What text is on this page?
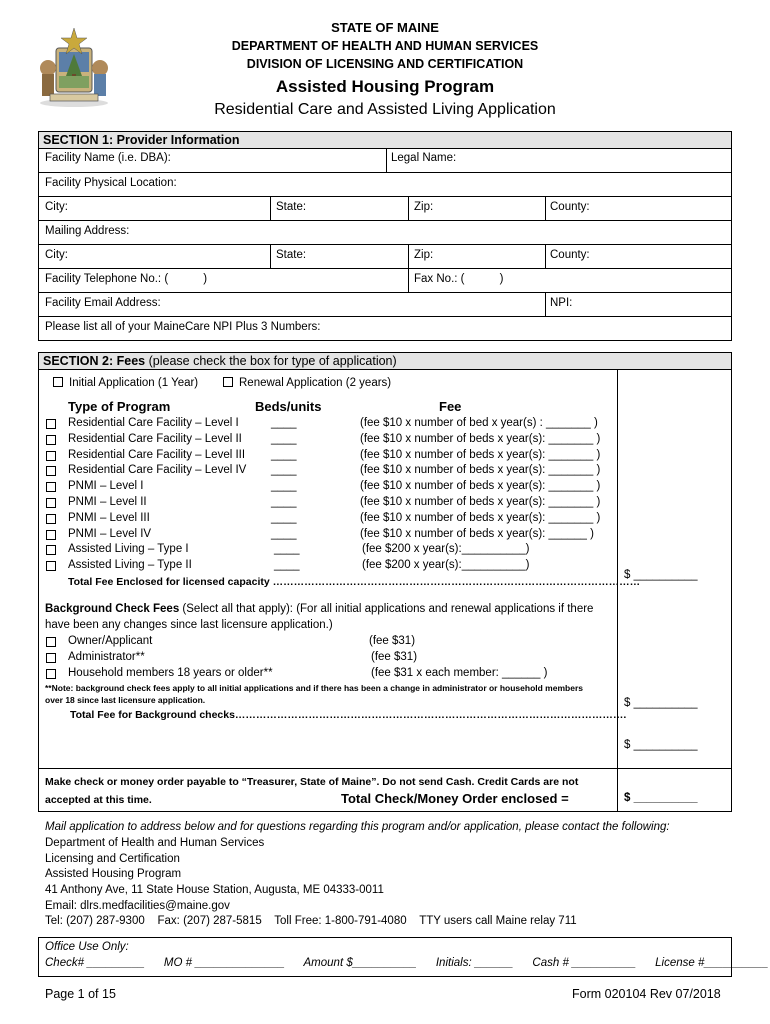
STATE OF MAINE
DEPARTMENT OF HEALTH AND HUMAN SERVICES
DIVISION OF LICENSING AND CERTIFICATION
Assisted Housing Program
Residential Care and Assisted Living Application
SECTION 1: Provider Information
Facility Name (i.e. DBA):	Legal Name:
Facility Physical Location:
City:	State:	Zip:	County:
Mailing Address:
City:	State:	Zip:	County:
Facility Telephone No.: (           )	Fax No.: (           )
Facility Email Address:	NPI:
Please list all of your MaineCare NPI Plus 3 Numbers:
SECTION 2: Fees (please check the box for type of application)
Initial Application (1 Year)	Renewal Application (2 years)
Type of Program	Beds/units	Fee
Residential Care Facility – Level I	____	(fee $10 x number of bed x year(s) : _______ )
Residential Care Facility – Level II	____	(fee $10 x number of beds x year(s): _______ )
Residential Care Facility – Level III ____	(fee $10 x number of beds x year(s): _______ )
Residential Care Facility – Level IV ____	(fee $10 x number of beds x year(s): _______ )
PNMI – Level I	____	(fee $10 x number of beds x year(s): _______ )
PNMI – Level II	____	(fee $10 x number of beds x year(s): _______ )
PNMI – Level III	____	(fee $10 x number of beds x year(s): _______ )
PNMI – Level IV	____	(fee $10 x number of beds x year(s): ______ )
Assisted Living – Type I	____	(fee $200 x year(s):__________)
Assisted Living – Type II	____	(fee $200 x year(s):__________)
Total Fee Enclosed for licensed capacity ……………………………………………………………………………………………
$ __________
Background Check Fees (Select all that apply): (For all initial applications and renewal applications if there
have been any changes since last licensure application.)
Owner/Applicant	(fee $31)
Administrator**	(fee $31)
Household members 18 years or older**	(fee $31 x each member: ______ )
**Note: background check fees apply to all initial applications and if there has been a change in administrator or household members
over 18 since last licensure application.
Total Fee for Background checks………………………………………………………………………………………………….
$ __________
$ __________
Make check or money order payable to “Treasurer, State of Maine”. Do not send Cash. Credit Cards are not
accepted at this time.	Total Check/Money Order enclosed =	$ __________
Mail application to address below and for questions regarding this program and/or application, please contact the following:
Department of Health and Human Services
Licensing and Certification
Assisted Housing Program
41 Anthony Ave, 11 State House Station, Augusta, ME 04333-0011
Email: dlrs.medfacilities@maine.gov
Tel: (207) 287-9300    Fax: (207) 287-5815    Toll Free: 1-800-791-4080    TTY users call Maine relay 711
Office Use Only:
Check# _________      MO # ______________      Amount $__________      Initials: ______      Cash # __________      License #__________
Page 1 of 15	Form 020104 Rev 07/2018
